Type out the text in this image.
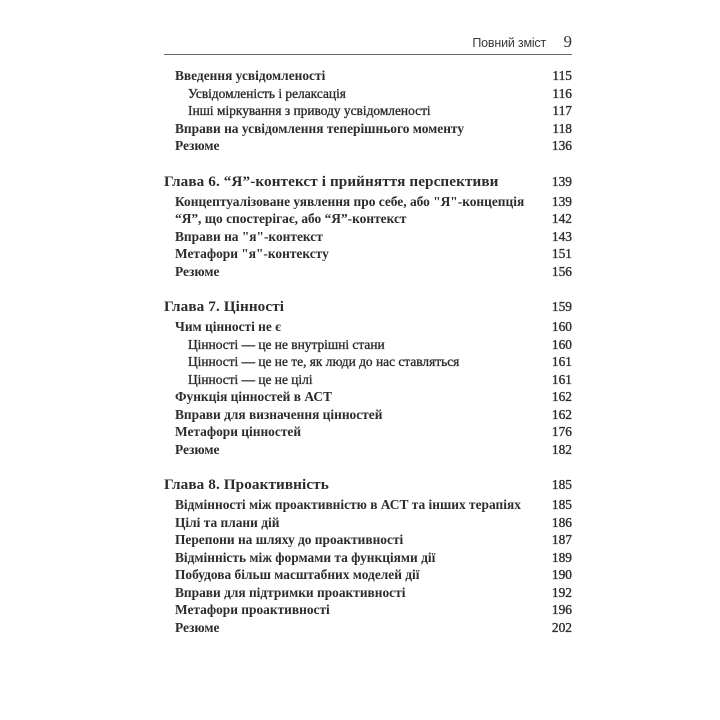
Повний зміст 9
Введення усвідомленості	115
Усвідомленість і релаксація	116
Інші міркування з приводу усвідомленості	117
Вправи на усвідомлення теперішнього моменту	118
Резюме	136
Глава 6. “Я”-контекст і прийняття перспективи	139
Концептуалізоване уявлення про себе, або "Я"-концепція 139
“Я”, що спостерігає, або “Я”-контекст	142
Вправи на "я"-контекст	143
Метафори "я"-контексту	151
Резюме	156
Глава 7. Цінності	159
Чим цінності не є	160
Цінності — це не внутрішні стани	160
Цінності — це не те, як люди до нас ставляться	161
Цінності — це не цілі	161
Функція цінностей в АСТ	162
Вправи для визначення цінностей	162
Метафори цінностей	176
Резюме	182
Глава 8. Проактивність	185
Відмінності між проактивністю в АСТ та інших терапіях 185
Цілі та плани дій	186
Перепони на шляху до проактивності	187
Відмінність між формами та функціями дії	189
Побудова більш масштабних моделей дії	190
Вправи для підтримки проактивності	192
Метафори проактивності	196
Резюме	202
